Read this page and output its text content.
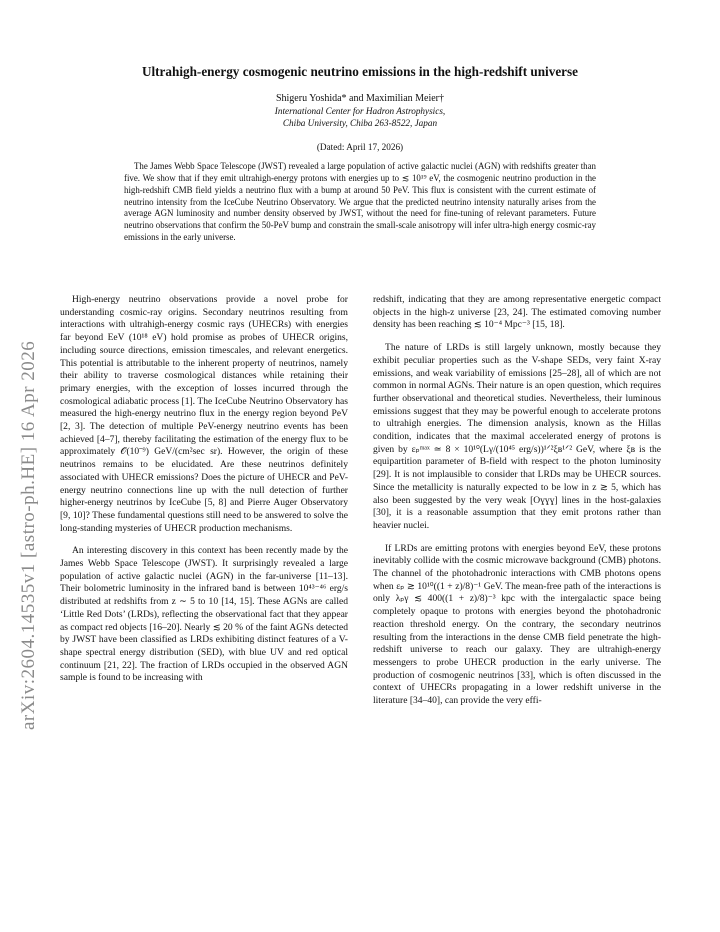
arXiv:2604.14535v1 [astro-ph.HE] 16 Apr 2026
Ultrahigh-energy cosmogenic neutrino emissions in the high-redshift universe
Shigeru Yoshida* and Maximilian Meier†
International Center for Hadron Astrophysics,
Chiba University, Chiba 263-8522, Japan
(Dated: April 17, 2026)
The James Webb Space Telescope (JWST) revealed a large population of active galactic nuclei (AGN) with redshifts greater than five. We show that if they emit ultrahigh-energy protons with energies up to ≲ 10¹⁹ eV, the cosmogenic neutrino production in the high-redshift CMB field yields a neutrino flux with a bump at around 50 PeV. This flux is consistent with the current estimate of neutrino intensity from the IceCube Neutrino Observatory. We argue that the predicted neutrino intensity naturally arises from the average AGN luminosity and number density observed by JWST, without the need for fine-tuning of relevant parameters. Future neutrino observations that confirm the 50-PeV bump and constrain the small-scale anisotropy will infer ultra-high energy cosmic-ray emissions in the early universe.

High-energy neutrino observations provide a novel probe for understanding cosmic-ray origins. Secondary neutrinos resulting from interactions with ultrahigh-energy cosmic rays (UHECRs) with energies far beyond EeV (10¹⁸ eV) hold promise as probes of UHECR origins, including source directions, emission timescales, and relevant energetics. This potential is attributable to the inherent property of neutrinos, namely their ability to traverse cosmological distances while retaining their primary energies, with the exception of losses incurred through the cosmological adiabatic process [1]. The IceCube Neutrino Observatory has measured the high-energy neutrino flux in the energy region beyond PeV [2, 3]. The detection of multiple PeV-energy neutrino events has been achieved [4–7], thereby facilitating the estimation of the energy flux to be approximately 𝒪(10⁻⁹) GeV/(cm²sec sr). However, the origin of these neutrinos remains to be elucidated. Are these neutrinos definitely associated with UHECR emissions? Does the picture of UHECR and PeV-energy neutrino connections line up with the null detection of further higher-energy neutrinos by IceCube [5, 8] and Pierre Auger Observatory [9, 10]? These fundamental questions still need to be answered to solve the long-standing mysteries of UHECR production mechanisms.

An interesting discovery in this context has been recently made by the James Webb Space Telescope (JWST). It surprisingly revealed a large population of active galactic nuclei (AGN) in the far-universe [11–13]. Their bolometric luminosity in the infrared band is between 10⁴³⁻⁴⁶ erg/s distributed at redshifts from z ∼ 5 to 10 [14, 15]. These AGNs are called ‘Little Red Dots’ (LRDs), reflecting the observational fact that they appear as compact red objects [16–20]. Nearly ≲ 20 % of the faint AGNs detected by JWST have been classified as LRDs exhibiting distinct features of a V-shape spectral energy distribution (SED), with blue UV and red optical continuum [21, 22]. The fraction of LRDs occupied in the observed AGN sample is found to be increasing with

redshift, indicating that they are among representative energetic compact objects in the high-z universe [23, 24]. The estimated comoving number density has been reaching ≲ 10⁻⁴ Mpc⁻³ [15, 18].

The nature of LRDs is still largely unknown, mostly because they exhibit peculiar properties such as the V-shape SEDs, very faint X-ray emissions, and weak variability of emissions [25–28], all of which are not common in normal AGNs. Their nature is an open question, which requires further observational and theoretical studies. Nevertheless, their luminous emissions suggest that they may be powerful enough to accelerate protons to ultrahigh energies. The dimension analysis, known as the Hillas condition, indicates that the maximal accelerated energy of protons is given by εₚᵐᵃˣ ≃ 8 × 10¹⁰(Lγ/(10⁴⁵ erg/s))¹ᐟ²ξʙ¹ᐟ² GeV, where ξʙ is the equipartition parameter of B-field with respect to the photon luminosity [29]. It is not implausible to consider that LRDs may be UHECR sources. Since the metallicity is naturally expected to be low in z ≳ 5, which has also been suggested by the very weak [Oɣɣɣ] lines in the host-galaxies [30], it is a reasonable assumption that they emit protons rather than heavier nuclei.

If LRDs are emitting protons with energies beyond EeV, these protons inevitably collide with the cosmic microwave background (CMB) photons. The channel of the photohadronic interactions with CMB photons opens when εₚ ≳ 10¹⁰((1 + z)/8)⁻¹ GeV. The mean-free path of the interactions is only λₚγ ≲ 400((1 + z)/8)⁻³ kpc with the intergalactic space being completely opaque to protons with energies beyond the photohadronic reaction threshold energy. On the contrary, the secondary neutrinos resulting from the interactions in the dense CMB field penetrate the high-redshift universe to reach our galaxy. They are ultrahigh-energy messengers to probe UHECR production in the early universe. The production of cosmogenic neutrinos [33], which is often discussed in the context of UHECRs propagating in a lower redshift universe in the literature [34–40], can provide the very effi-
